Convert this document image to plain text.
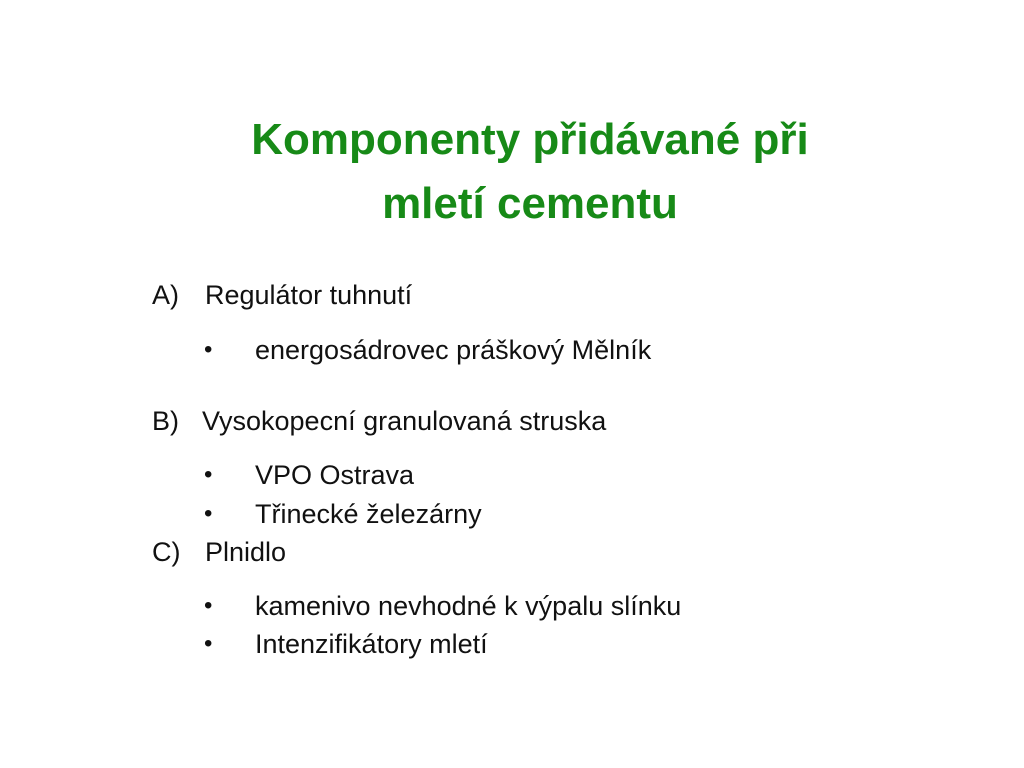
Komponenty přidávané při
mletí cementu
A) Regulátor tuhnutí
• energosádrovec práškový Mělník
B) Vysokopecní granulovaná struska
• VPO Ostrava
• Třinecké železárny
C) Plnidlo
• kamenivo nevhodné k výpalu slínku
• Intenzifikátory mletí
